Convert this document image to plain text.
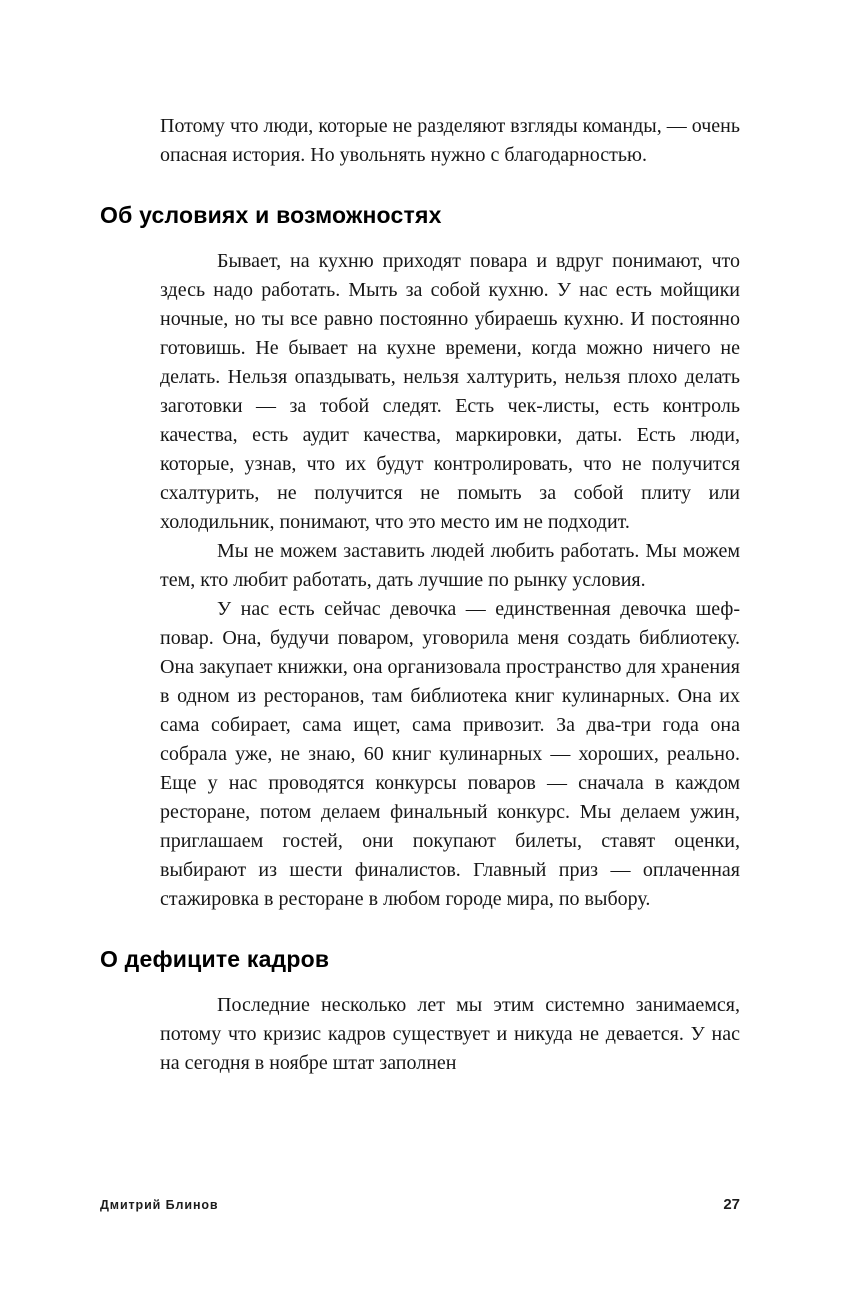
Потому что люди, которые не разделяют взгляды команды, — очень опасная история. Но увольнять нужно с благодарностью.

Об условиях и возможностях

Бывает, на кухню приходят повара и вдруг понимают, что здесь надо работать. Мыть за собой кухню. У нас есть мойщики ночные, но ты все равно постоянно убираешь кухню. И постоянно готовишь. Не бывает на кухне времени, когда можно ничего не делать. Нельзя опаздывать, нельзя халтурить, нельзя плохо делать заготовки — за тобой следят. Есть чек-листы, есть контроль качества, есть аудит качества, маркировки, даты. Есть люди, которые, узнав, что их будут контролировать, что не получится схалтурить, не получится не помыть за собой плиту или холодильник, понимают, что это место им не подходит.

Мы не можем заставить людей любить работать. Мы можем тем, кто любит работать, дать лучшие по рынку условия.

У нас есть сейчас девочка — единственная девочка шеф-повар. Она, будучи поваром, уговорила меня создать библиотеку. Она закупает книжки, она организовала пространство для хранения в одном из ресторанов, там библиотека книг кулинарных. Она их сама собирает, сама ищет, сама привозит. За два-три года она собрала уже, не знаю, 60 книг кулинарных — хороших, реально. Еще у нас проводятся конкурсы поваров — сначала в каждом ресторане, потом делаем финальный конкурс. Мы делаем ужин, приглашаем гостей, они покупают билеты, ставят оценки, выбирают из шести финалистов. Главный приз — оплаченная стажировка в ресторане в любом городе мира, по выбору.

О дефиците кадров

Последние несколько лет мы этим системно занимаемся, потому что кризис кадров существует и никуда не девается. У нас на сегодня в ноябре штат заполнен

Дмитрий Блинов	27
